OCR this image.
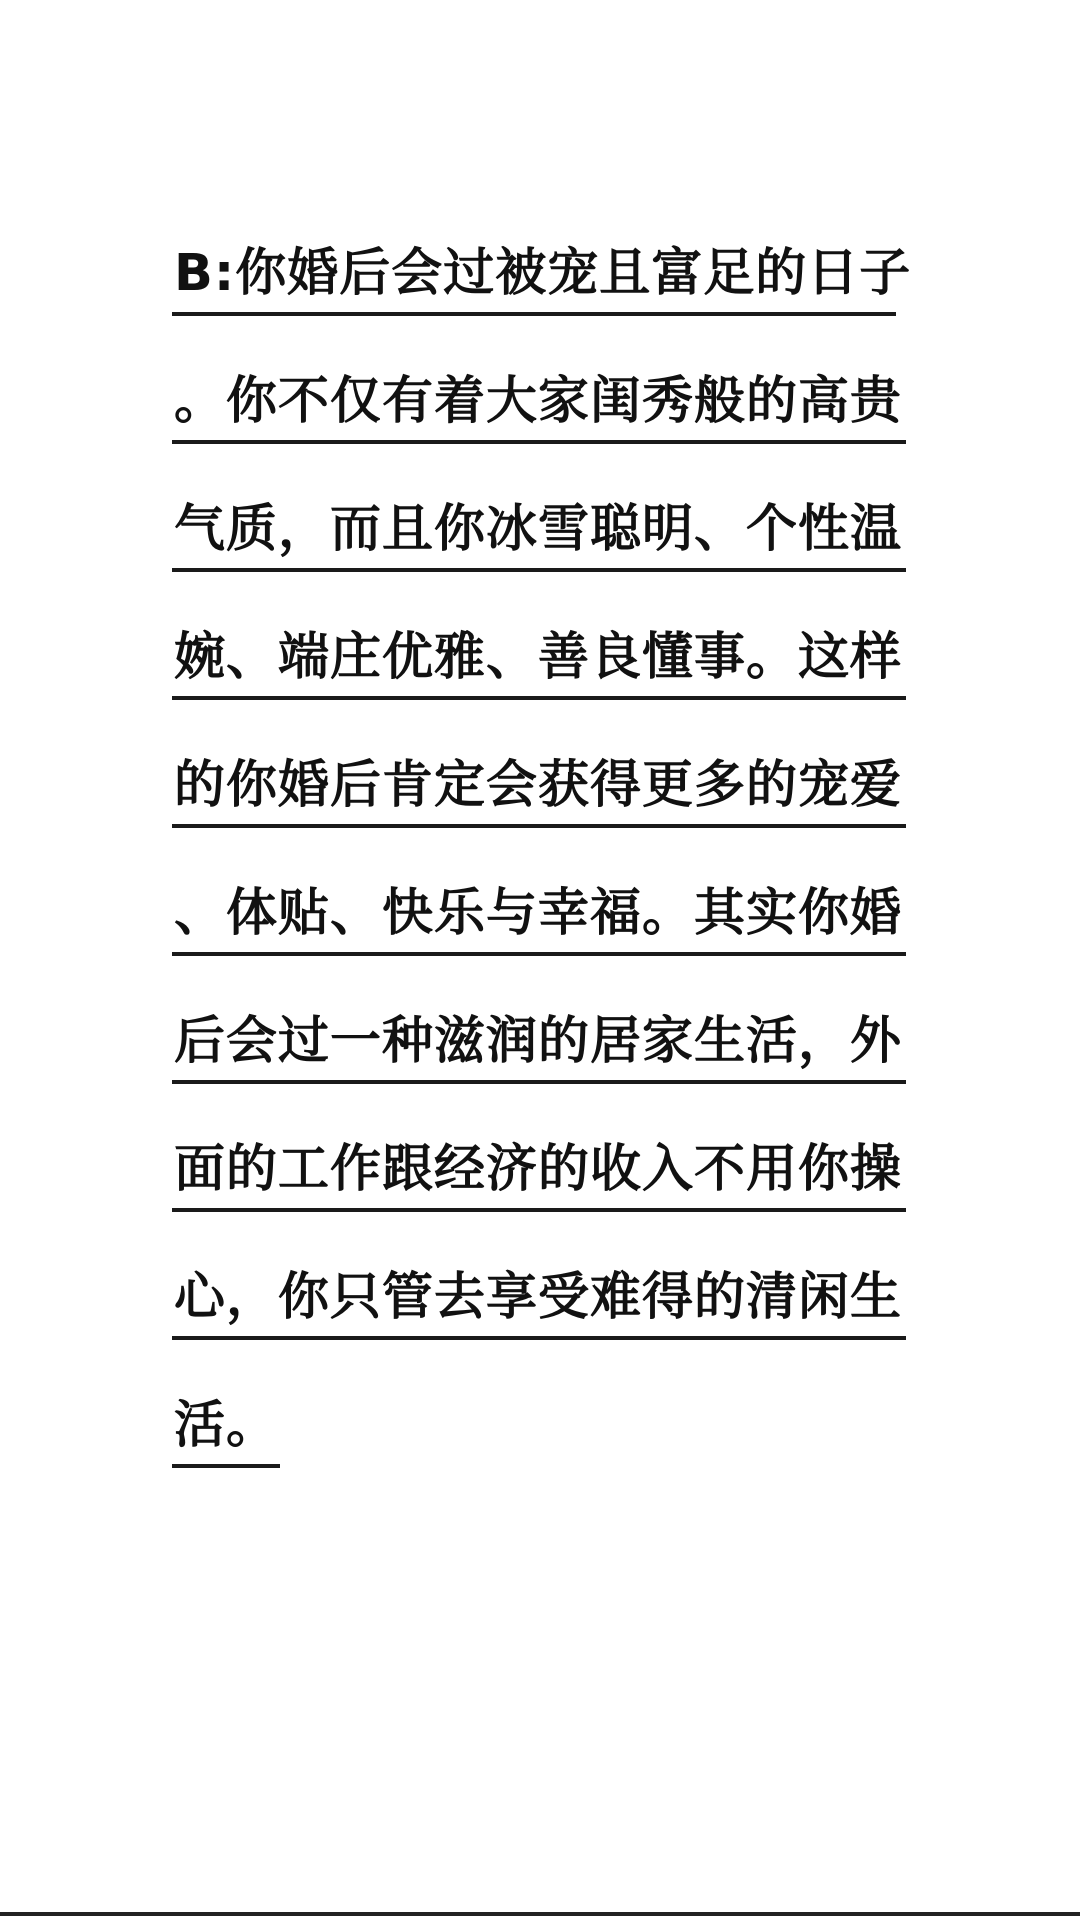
B:你婚后会过被宠且富足的日子
。你不仅有着大家闺秀般的高贵
气质，而且你冰雪聪明、个性温
婉、端庄优雅、善良懂事。这样
的你婚后肯定会获得更多的宠爱
、体贴、快乐与幸福。其实你婚
后会过一种滋润的居家生活，外
面的工作跟经济的收入不用你操
心，你只管去享受难得的清闲生
活。
